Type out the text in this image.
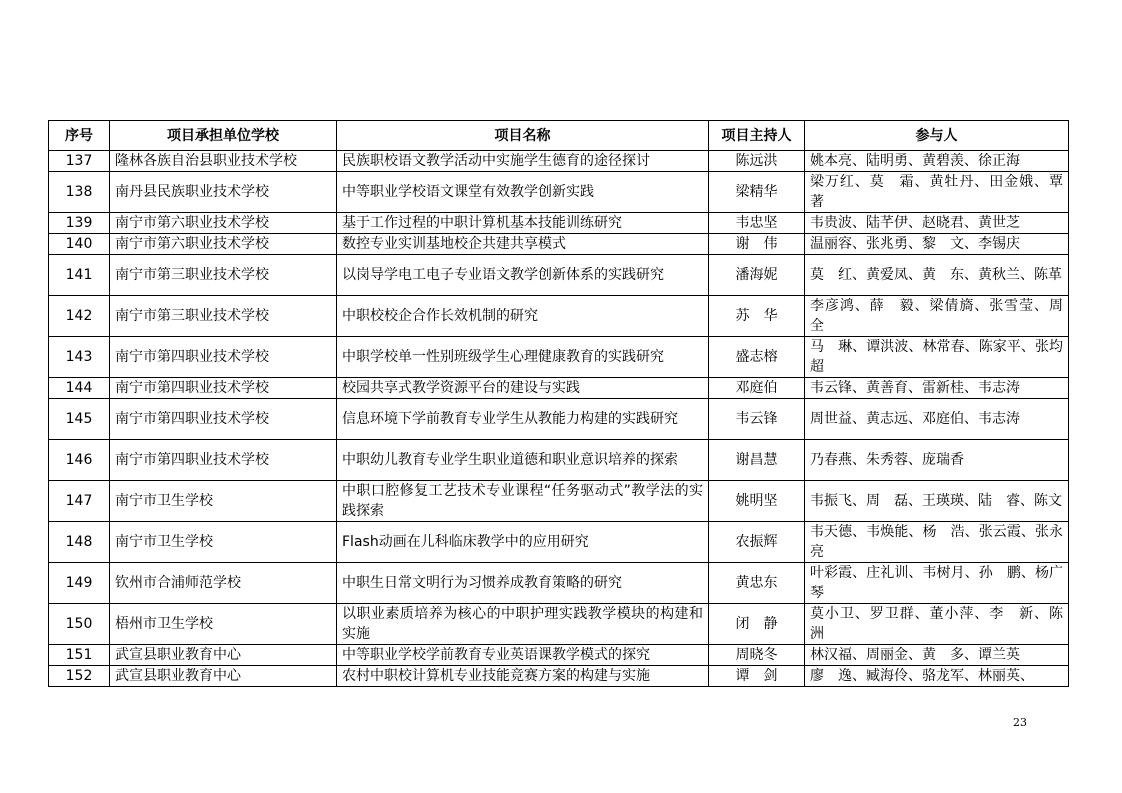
序号	项目承担单位学校	项目名称	项目主持人	参与人
137	隆林各族自治县职业技术学校	民族职校语文教学活动中实施学生德育的途径探讨	陈远洪	姚本亮、陆明勇、黄碧羡、徐正海
138	南丹县民族职业技术学校	中等职业学校语文课堂有效教学创新实践	梁精华	梁万红、莫　霜、黄牡丹、田金娥、覃　著
139	南宁市第六职业技术学校	基于工作过程的中职计算机基本技能训练研究	韦忠坚	韦贵波、陆芊伊、赵晓君、黄世芝
140	南宁市第六职业技术学校	数控专业实训基地校企共建共享模式	谢　伟	温丽容、张兆勇、黎　文、李锡庆
141	南宁市第三职业技术学校	以岗导学电工电子专业语文教学创新体系的实践研究	潘海妮	莫　红、黄爱凤、黄　东、黄秋兰、陈革
142	南宁市第三职业技术学校	中职校校企合作长效机制的研究	苏　华	李彦鸿、薛　毅、梁倩旖、张雪莹、周　全
143	南宁市第四职业技术学校	中职学校单一性别班级学生心理健康教育的实践研究	盛志榕	马　琳、谭洪波、林常春、陈家平、张均超
144	南宁市第四职业技术学校	校园共享式教学资源平台的建设与实践	邓庭伯	韦云锋、黄善育、雷新桂、韦志涛
145	南宁市第四职业技术学校	信息环境下学前教育专业学生从教能力构建的实践研究	韦云锋	周世益、黄志远、邓庭伯、韦志涛
146	南宁市第四职业技术学校	中职幼儿教育专业学生职业道德和职业意识培养的探索	谢昌慧	乃春燕、朱秀蓉、庞瑞香
147	南宁市卫生学校	中职口腔修复工艺技术专业课程“任务驱动式”教学法的实践探索	姚明坚	韦振飞、周　磊、王瑛瑛、陆　睿、陈文
148	南宁市卫生学校	Flash动画在儿科临床教学中的应用研究	农振辉	韦天德、韦焕能、杨　浩、张云霞、张永亮
149	钦州市合浦师范学校	中职生日常文明行为习惯养成教育策略的研究	黄忠东	叶彩霞、庄礼训、韦树月、孙　鹏、杨广琴
150	梧州市卫生学校	以职业素质培养为核心的中职护理实践教学模块的构建和实施	闭　静	莫小卫、罗卫群、董小萍、李　新、陈　洲
151	武宣县职业教育中心	中等职业学校学前教育专业英语课教学模式的探究	周晓冬	林汉福、周丽金、黄　多、谭兰英
152	武宣县职业教育中心	农村中职校计算机专业技能竞赛方案的构建与实施	谭　剑	廖　逸、臧海伶、骆龙军、林丽英、
23
